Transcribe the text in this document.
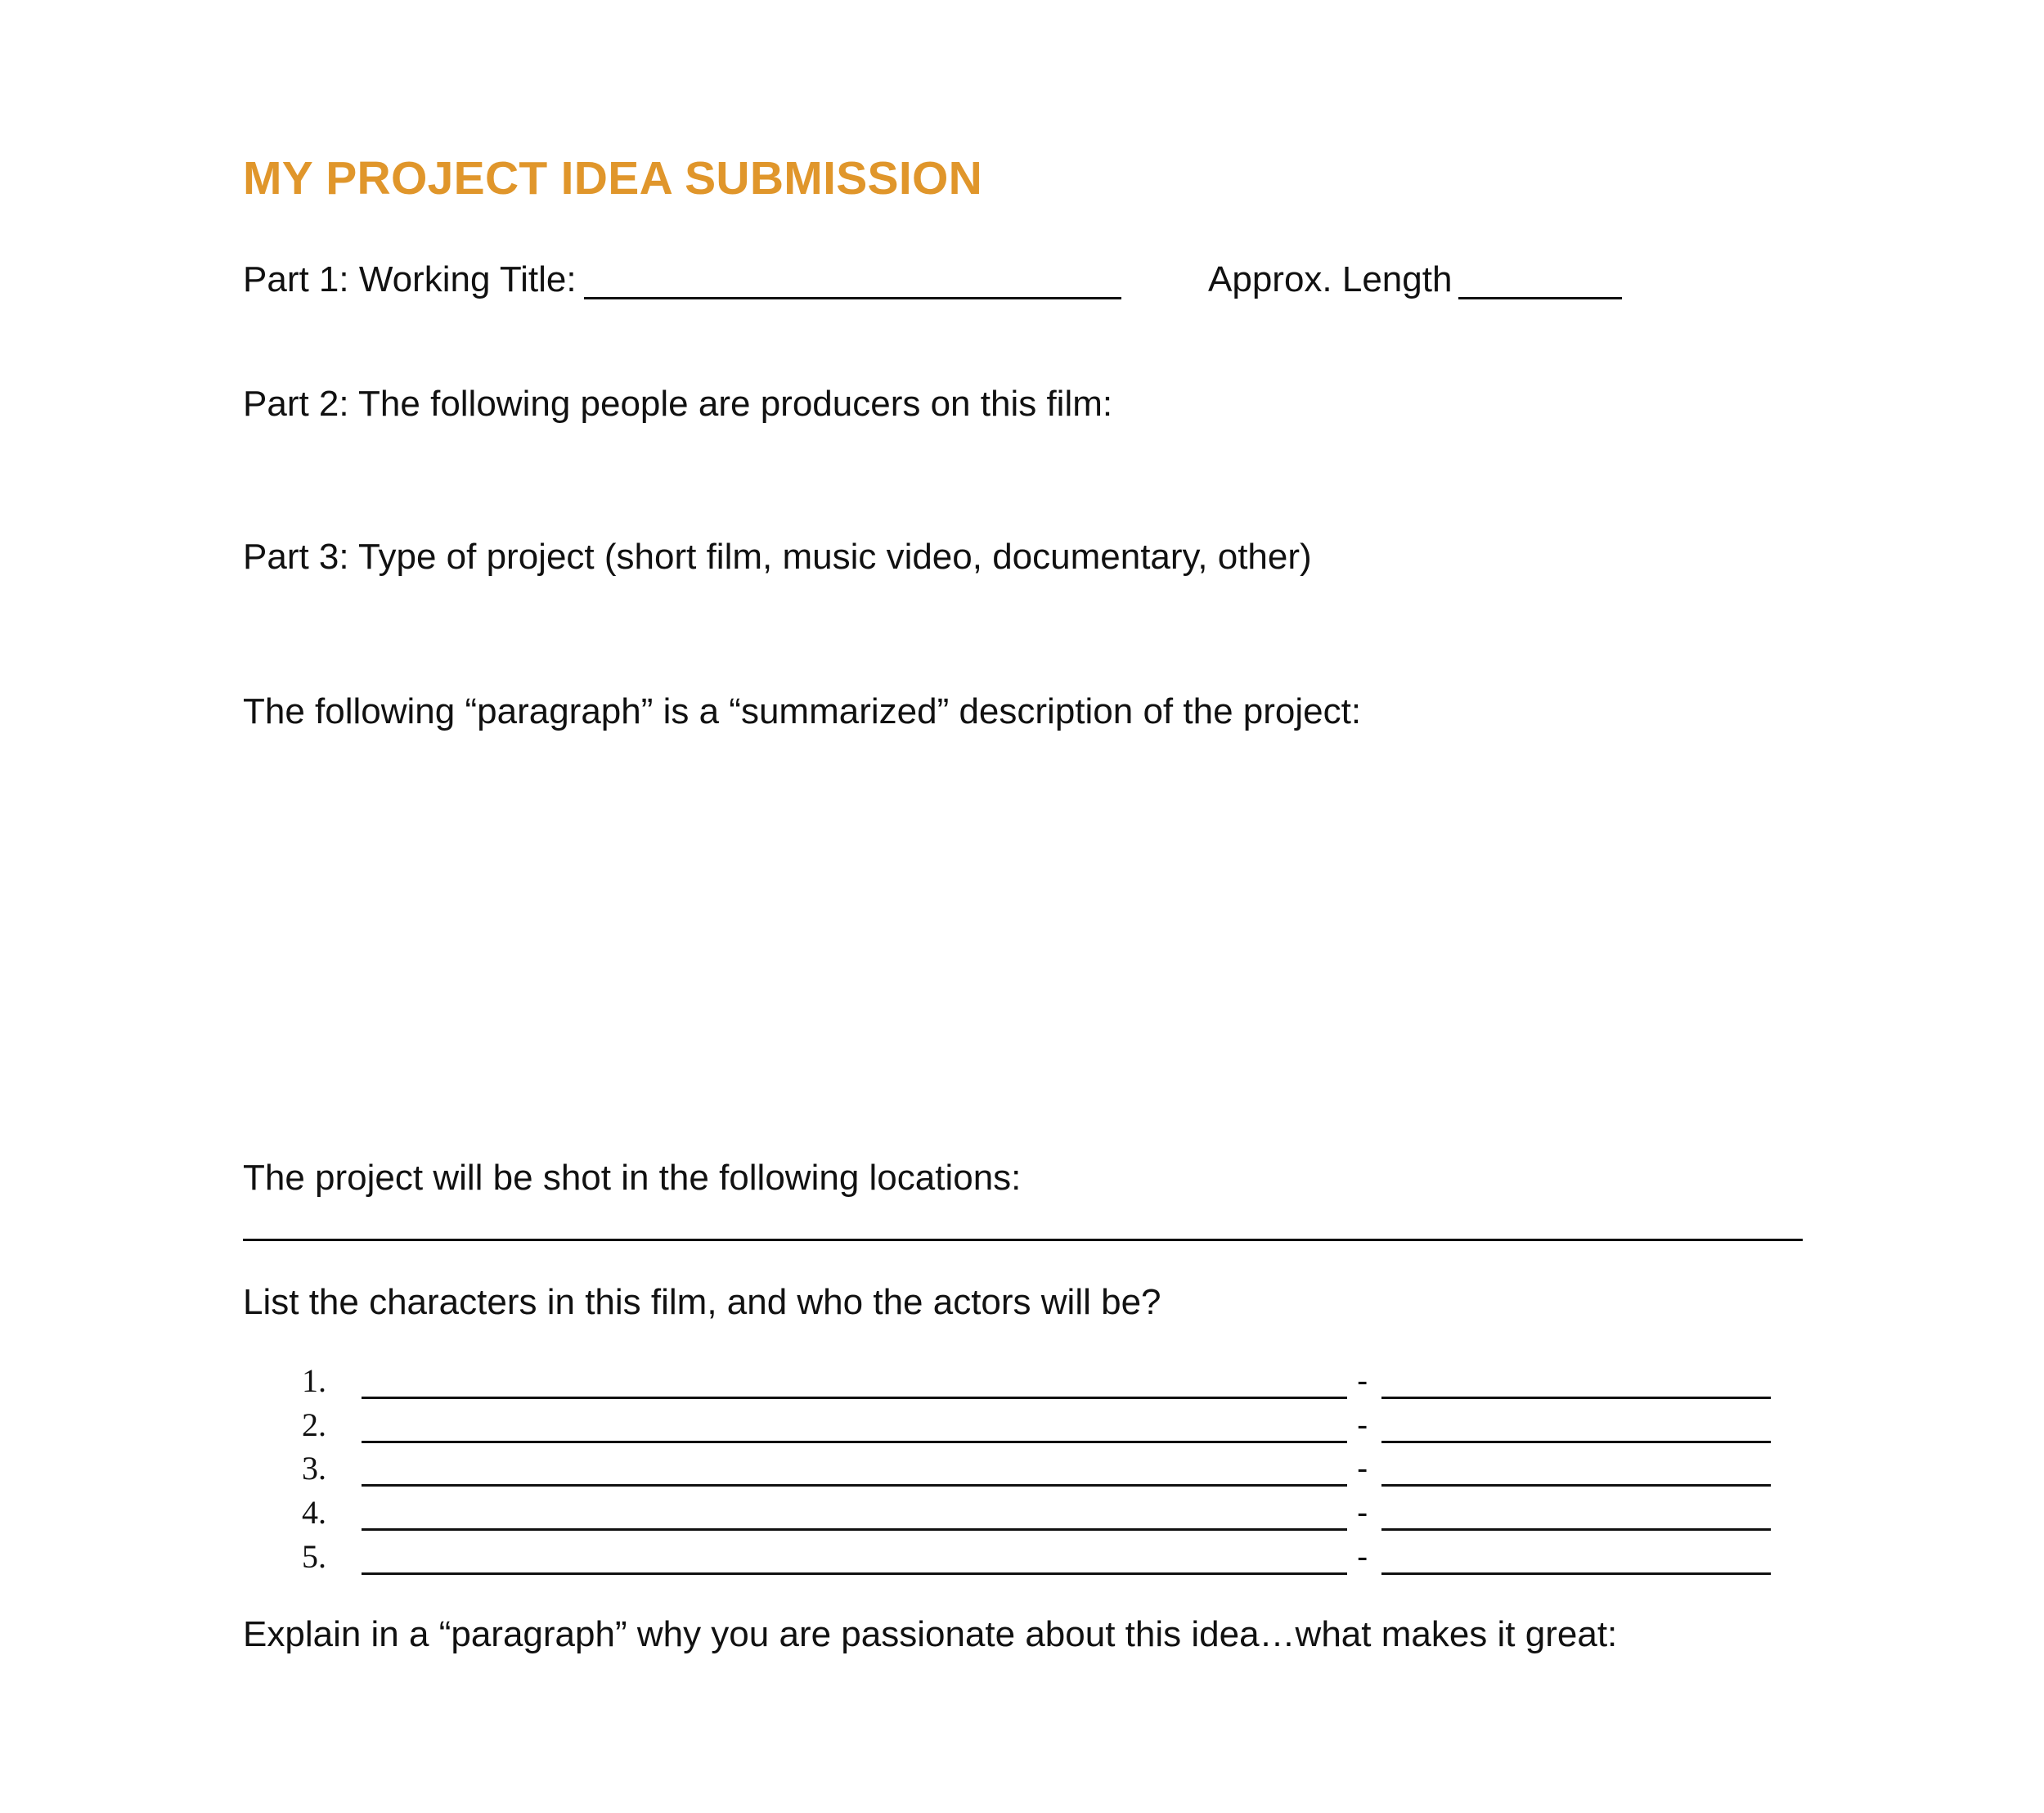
MY PROJECT IDEA SUBMISSION
Part 1: Working Title:	Approx. Length
Part 2: The following people are producers on this film:
Part 3: Type of project (short film, music video, documentary, other)
The following “paragraph” is a “summarized” description of the project:
The project will be shot in the following locations:
List the characters in this film, and who the actors will be?
1.	-
2.	-
3.	-
4.	-
5.	-
Explain in a “paragraph” why you are passionate about this idea…what makes it great:
